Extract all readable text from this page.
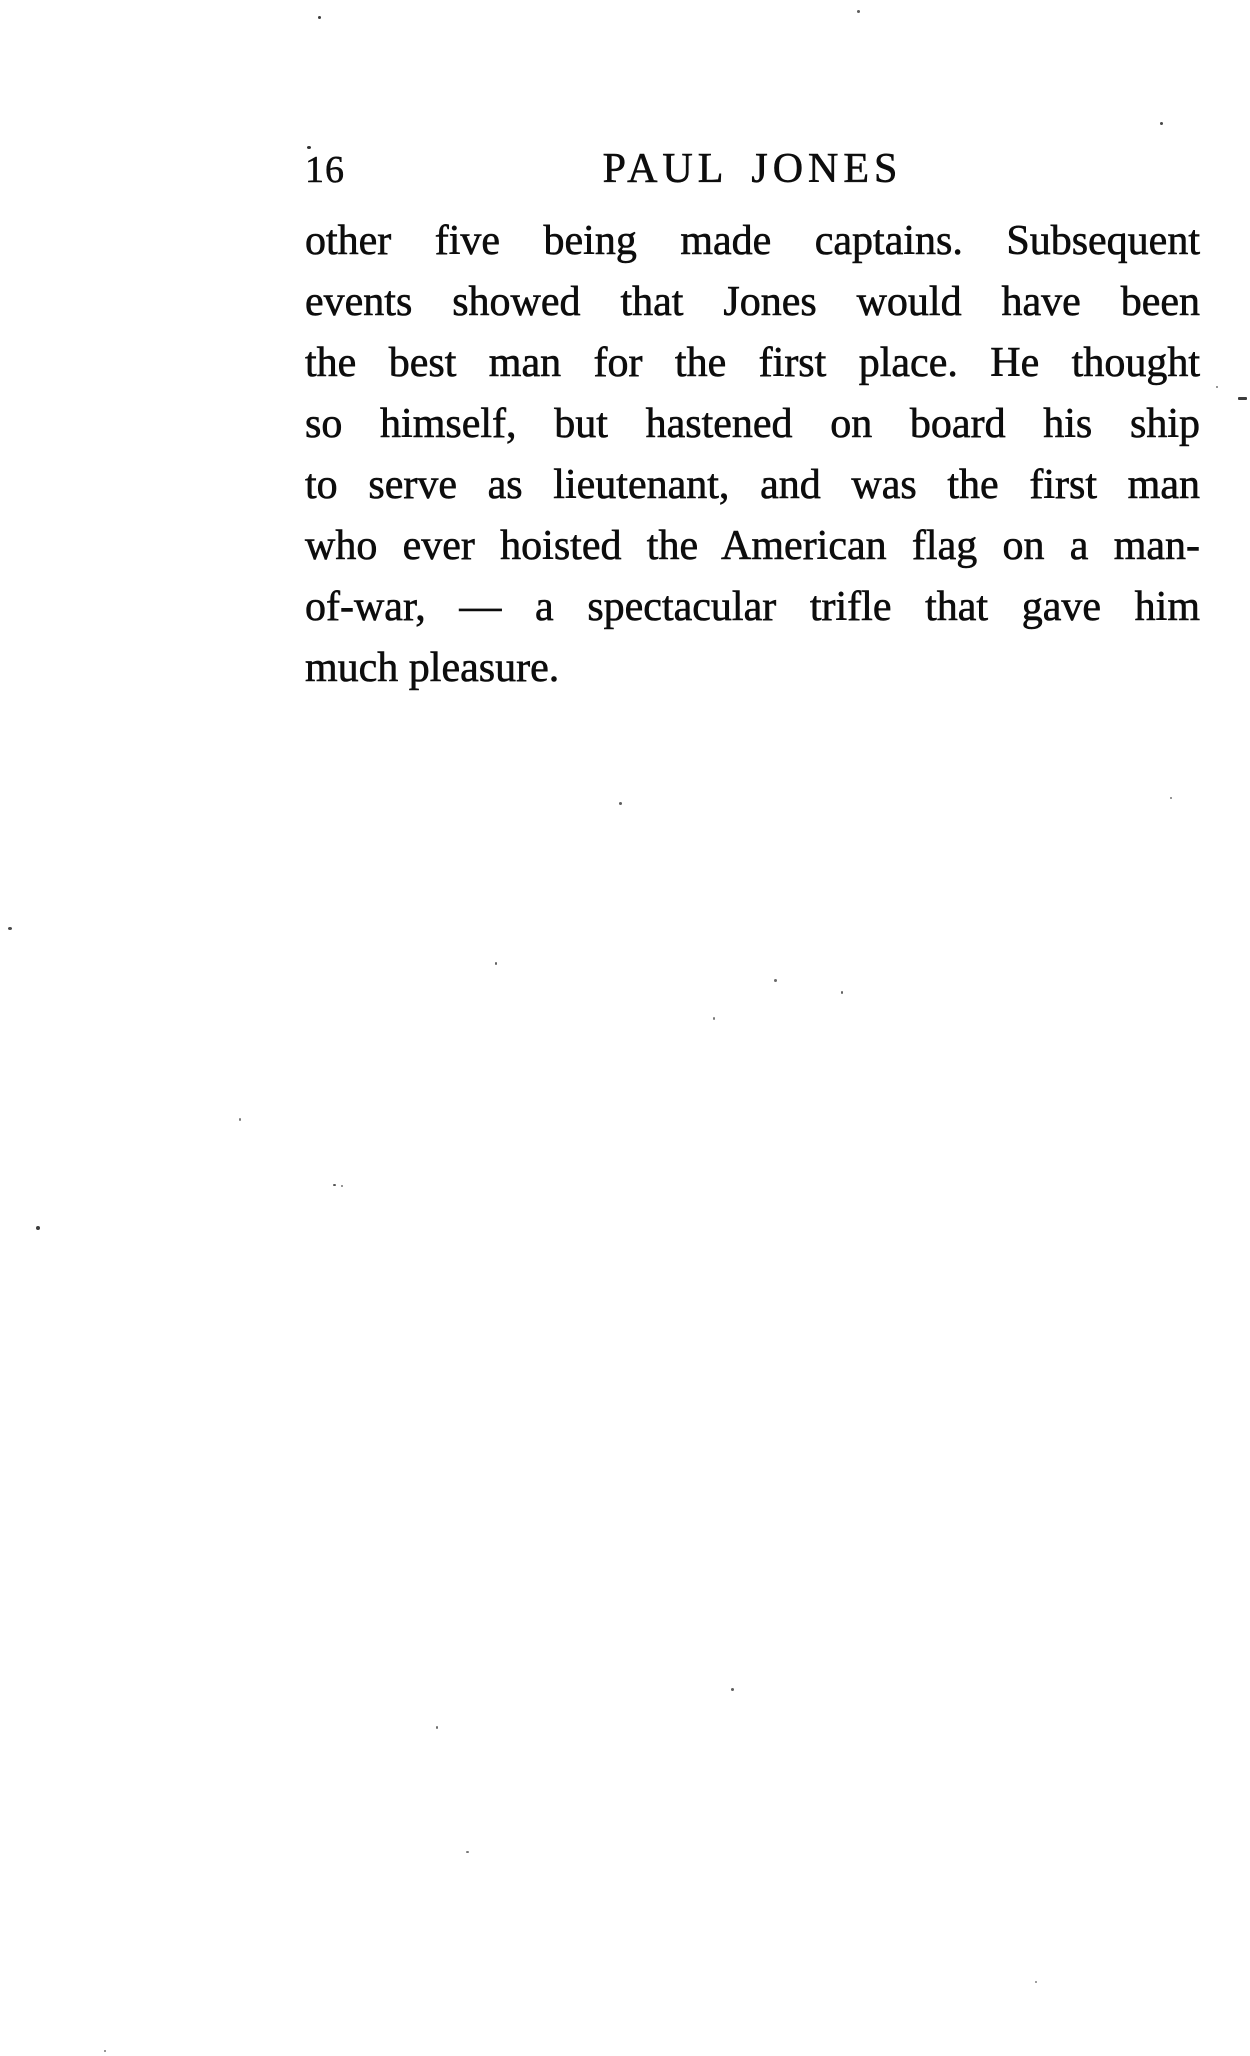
16	PAUL JONES
other five being made captains. Subsequent
events showed that Jones would have been
the best man for the first place. He thought
so himself, but hastened on board his ship
to serve as lieutenant, and was the first man
who ever hoisted the American flag on a man-
of-war, — a spectacular trifle that gave him
much pleasure.
